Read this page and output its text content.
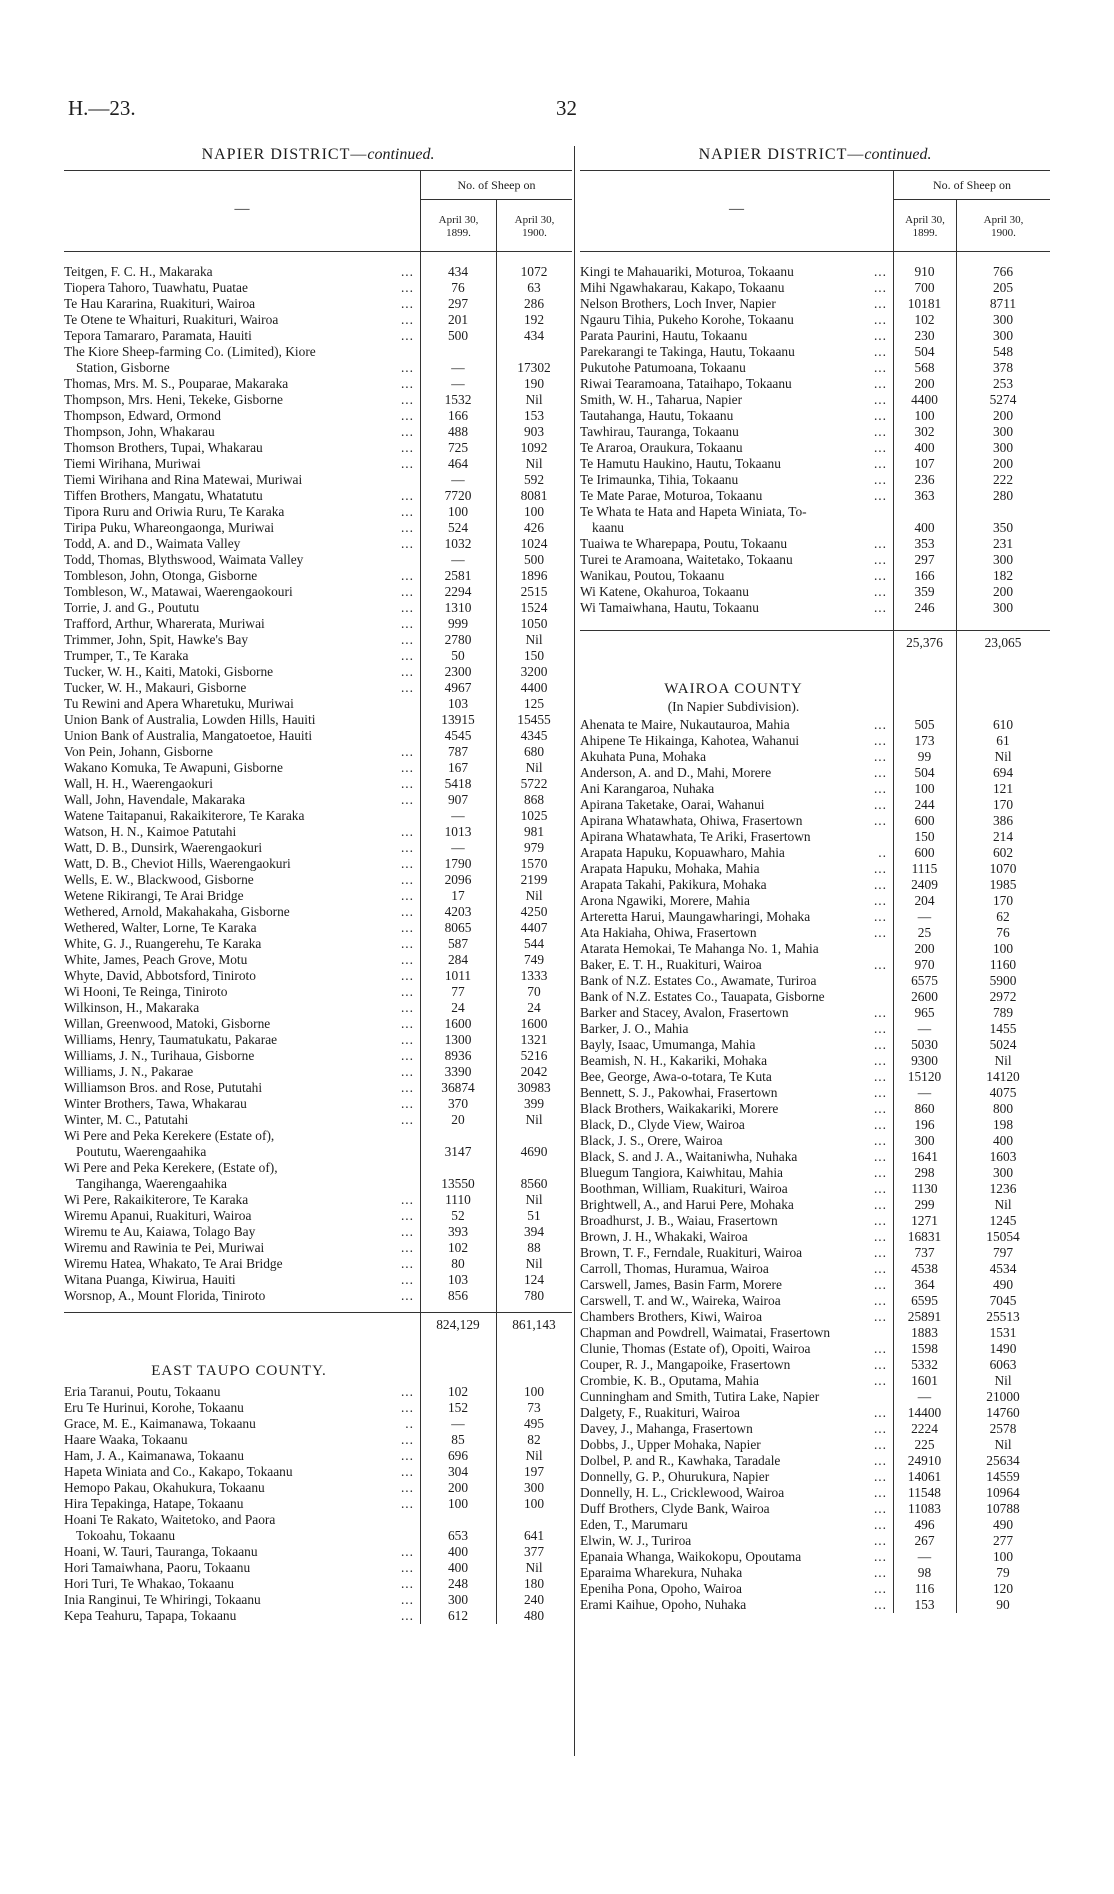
H.—23.	32
NAPIER DISTRICT—continued.
—
No. of Sheep on
April 30,
1899.
April 30,
1900.
Teitgen, F. C. H., Makaraka	...	434	1072
Tiopera Tahoro, Tuawhatu, Puatae	...	76	63
Te Hau Kararina, Ruakituri, Wairoa	...	297	286
Te Otene te Whaituri, Ruakituri, Wairoa	...	201	192
Tepora Tamararo, Paramata, Hauiti	...	500	434
The Kiore Sheep-farming Co. (Limited), Kiore
Station, Gisborne	...	—	17302
Thomas, Mrs. M. S., Pouparae, Makaraka	...	—	190
Thompson, Mrs. Heni, Tekeke, Gisborne	...	1532	Nil
Thompson, Edward, Ormond	...	166	153
Thompson, John, Whakarau	...	488	903
Thomson Brothers, Tupai, Whakarau	...	725	1092
Tiemi Wirihana, Muriwai	...	464	Nil
Tiemi Wirihana and Rina Matewai, Muriwai	—	592
Tiffen Brothers, Mangatu, Whatatutu	...	7720	8081
Tipora Ruru and Oriwia Ruru, Te Karaka	...	100	100
Tiripa Puku, Whareongaonga, Muriwai	...	524	426
Todd, A. and D., Waimata Valley	...	1032	1024
Todd, Thomas, Blythswood, Waimata Valley	—	500
Tombleson, John, Otonga, Gisborne	...	2581	1896
Tombleson, W., Matawai, Waerengaokouri	...	2294	2515
Torrie, J. and G., Poututu	...	1310	1524
Trafford, Arthur, Wharerata, Muriwai	...	999	1050
Trimmer, John, Spit, Hawke's Bay	...	2780	Nil
Trumper, T., Te Karaka	...	50	150
Tucker, W. H., Kaiti, Matoki, Gisborne	...	2300	3200
Tucker, W. H., Makauri, Gisborne	...	4967	4400
Tu Rewini and Apera Wharetuku, Muriwai	103	125
Union Bank of Australia, Lowden Hills, Hauiti	13915	15455
Union Bank of Australia, Mangatoetoe, Hauiti	4545	4345
Von Pein, Johann, Gisborne	...	787	680
Wakano Komuka, Te Awapuni, Gisborne	...	167	Nil
Wall, H. H., Waerengaokuri	...	5418	5722
Wall, John, Havendale, Makaraka	...	907	868
Watene Taitapanui, Rakaikiterore, Te Karaka	—	1025
Watson, H. N., Kaimoe Patutahi	...	1013	981
Watt, D. B., Dunsirk, Waerengaokuri	...	—	979
Watt, D. B., Cheviot Hills, Waerengaokuri	...	1790	1570
Wells, E. W., Blackwood, Gisborne	...	2096	2199
Wetene Rikirangi, Te Arai Bridge	...	17	Nil
Wethered, Arnold, Makahakaha, Gisborne	...	4203	4250
Wethered, Walter, Lorne, Te Karaka	...	8065	4407
White, G. J., Ruangerehu, Te Karaka	...	587	544
White, James, Peach Grove, Motu	...	284	749
Whyte, David, Abbotsford, Tiniroto	...	1011	1333
Wi Hooni, Te Reinga, Tiniroto	...	77	70
Wilkinson, H., Makaraka	...	24	24
Willan, Greenwood, Matoki, Gisborne	...	1600	1600
Williams, Henry, Taumatukatu, Pakarae	...	1300	1321
Williams, J. N., Turihaua, Gisborne	...	8936	5216
Williams, J. N., Pakarae	...	3390	2042
Williamson Bros. and Rose, Pututahi	...	36874	30983
Winter Brothers, Tawa, Whakarau	...	370	399
Winter, M. C., Patutahi	...	20	Nil
Wi Pere and Peka Kerekere (Estate of),
Poututu, Waerengaahika	3147	4690
Wi Pere and Peka Kerekere, (Estate of),
Tangihanga, Waerengaahika	13550	8560
Wi Pere, Rakaikiterore, Te Karaka	...	1110	Nil
Wiremu Apanui, Ruakituri, Wairoa	...	52	51
Wiremu te Au, Kaiawa, Tolago Bay	...	393	394
Wiremu and Rawinia te Pei, Muriwai	...	102	88
Wiremu Hatea, Whakato, Te Arai Bridge	...	80	Nil
Witana Puanga, Kiwirua, Hauiti	...	103	124
Worsnop, A., Mount Florida, Tiniroto	...	856	780
824,129	861,143
EAST TAUPO COUNTY.
Eria Taranui, Poutu, Tokaanu	...	102	100
Eru Te Hurinui, Korohe, Tokaanu	...	152	73
Grace, M. E., Kaimanawa, Tokaanu	..	—	495
Haare Waaka, Tokaanu	...	85	82
Ham, J. A., Kaimanawa, Tokaanu	...	696	Nil
Hapeta Winiata and Co., Kakapo, Tokaanu	...	304	197
Hemopo Pakau, Okahukura, Tokaanu	...	200	300
Hira Tepakinga, Hatape, Tokaanu	...	100	100
Hoani Te Rakato, Waitetoko, and Paora
Tokoahu, Tokaanu	653	641
Hoani, W. Tauri, Tauranga, Tokaanu	...	400	377
Hori Tamaiwhana, Paoru, Tokaanu	...	400	Nil
Hori Turi, Te Whakao, Tokaanu	...	248	180
Inia Ranginui, Te Whiringi, Tokaanu	...	300	240
Kepa Teahuru, Tapapa, Tokaanu	...	612	480
NAPIER DISTRICT—continued.
—
No. of Sheep on
April 30,
1899.
April 30,
1900.
Kingi te Mahauariki, Moturoa, Tokaanu	...	910	766
Mihi Ngawhakarau, Kakapo, Tokaanu	...	700	205
Nelson Brothers, Loch Inver, Napier	...	10181	8711
Ngauru Tihia, Pukeho Korohe, Tokaanu	...	102	300
Parata Paurini, Hautu, Tokaanu	...	230	300
Parekarangi te Takinga, Hautu, Tokaanu	...	504	548
Pukutohe Patumoana, Tokaanu	...	568	378
Riwai Tearamoana, Tataihapo, Tokaanu	...	200	253
Smith, W. H., Taharua, Napier	...	4400	5274
Tautahanga, Hautu, Tokaanu	...	100	200
Tawhirau, Tauranga, Tokaanu	...	302	300
Te Araroa, Oraukura, Tokaanu	...	400	300
Te Hamutu Haukino, Hautu, Tokaanu	...	107	200
Te Irimaunka, Tihia, Tokaanu	...	236	222
Te Mate Parae, Moturoa, Tokaanu	...	363	280
Te Whata te Hata and Hapeta Winiata, To-
kaanu	400	350
Tuaiwa te Wharepapa, Poutu, Tokaanu	...	353	231
Turei te Aramoana, Waitetako, Tokaanu	...	297	300
Wanikau, Poutou, Tokaanu	...	166	182
Wi Katene, Okahuroa, Tokaanu	...	359	200
Wi Tamaiwhana, Hautu, Tokaanu	...	246	300
25,376	23,065
WAIROA COUNTY
(In Napier Subdivision).
Ahenata te Maire, Nukautauroa, Mahia	...	505	610
Ahipene Te Hikainga, Kahotea, Wahanui	...	173	61
Akuhata Puna, Mohaka	...	99	Nil
Anderson, A. and D., Mahi, Morere	...	504	694
Ani Karangaroa, Nuhaka	...	100	121
Apirana Taketake, Oarai, Wahanui	...	244	170
Apirana Whatawhata, Ohiwa, Frasertown	...	600	386
Apirana Whatawhata, Te Ariki, Frasertown	150	214
Arapata Hapuku, Kopuawharo, Mahia	..	600	602
Arapata Hapuku, Mohaka, Mahia	...	1115	1070
Arapata Takahi, Pakikura, Mohaka	...	2409	1985
Arona Ngawiki, Morere, Mahia	...	204	170
Arteretta Harui, Maungawharingi, Mohaka	...	—	62
Ata Hakiaha, Ohiwa, Frasertown	...	25	76
Atarata Hemokai, Te Mahanga No. 1, Mahia	200	100
Baker, E. T. H., Ruakituri, Wairoa	...	970	1160
Bank of N.Z. Estates Co., Awamate, Turiroa	6575	5900
Bank of N.Z. Estates Co., Tauapata, Gisborne	2600	2972
Barker and Stacey, Avalon, Frasertown	...	965	789
Barker, J. O., Mahia	...	—	1455
Bayly, Isaac, Umumanga, Mahia	...	5030	5024
Beamish, N. H., Kakariki, Mohaka	...	9300	Nil
Bee, George, Awa-o-totara, Te Kuta	...	15120	14120
Bennett, S. J., Pakowhai, Frasertown	...	—	4075
Black Brothers, Waikakariki, Morere	...	860	800
Black, D., Clyde View, Wairoa	...	196	198
Black, J. S., Orere, Wairoa	...	300	400
Black, S. and J. A., Waitaniwha, Nuhaka	...	1641	1603
Bluegum Tangiora, Kaiwhitau, Mahia	...	298	300
Boothman, William, Ruakituri, Wairoa	...	1130	1236
Brightwell, A., and Harui Pere, Mohaka	...	299	Nil
Broadhurst, J. B., Waiau, Frasertown	...	1271	1245
Brown, J. H., Whakaki, Wairoa	...	16831	15054
Brown, T. F., Ferndale, Ruakituri, Wairoa	...	737	797
Carroll, Thomas, Huramua, Wairoa	...	4538	4534
Carswell, James, Basin Farm, Morere	...	364	490
Carswell, T. and W., Waireka, Wairoa	...	6595	7045
Chambers Brothers, Kiwi, Wairoa	...	25891	25513
Chapman and Powdrell, Waimatai, Frasertown	1883	1531
Clunie, Thomas (Estate of), Opoiti, Wairoa	...	1598	1490
Couper, R. J., Mangapoike, Frasertown	...	5332	6063
Crombie, K. B., Oputama, Mahia	...	1601	Nil
Cunningham and Smith, Tutira Lake, Napier	—	21000
Dalgety, F., Ruakituri, Wairoa	...	14400	14760
Davey, J., Mahanga, Frasertown	...	2224	2578
Dobbs, J., Upper Mohaka, Napier	...	225	Nil
Dolbel, P. and R., Kawhaka, Taradale	...	24910	25634
Donnelly, G. P., Ohurukura, Napier	...	14061	14559
Donnelly, H. L., Cricklewood, Wairoa	...	11548	10964
Duff Brothers, Clyde Bank, Wairoa	...	11083	10788
Eden, T., Marumaru	...	496	490
Elwin, W. J., Turiroa	...	267	277
Epanaia Whanga, Waikokopu, Opoutama	...	—	100
Eparaima Wharekura, Nuhaka	...	98	79
Epeniha Pona, Opoho, Wairoa	...	116	120
Erami Kaihue, Opoho, Nuhaka	...	153	90
